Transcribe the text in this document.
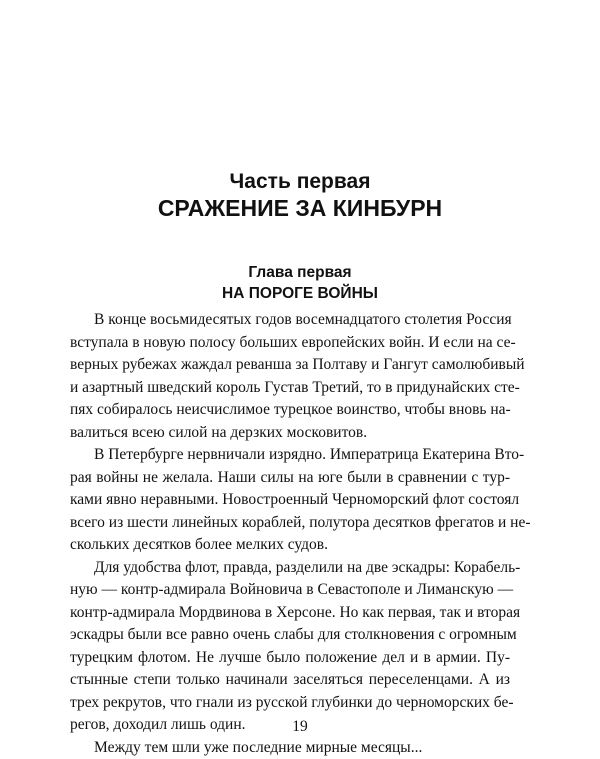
Часть первая
СРАЖЕНИЕ ЗА КИНБУРН
Глава первая
НА ПОРОГЕ ВОЙНЫ
В конце восьмидесятых годов восемнадцатого столетия Россия
вступала в новую полосу больших европейских войн. И если на се-
верных рубежах жаждал реванша за Полтаву и Гангут самолюбивый
и азартный шведский король Густав Третий, то в придунайских сте-
пях собиралось неисчислимое турецкое воинство, чтобы вновь на-
валиться всею силой на дерзких московитов.
В Петербурге нервничали изрядно. Императрица Екатерина Вто-
рая войны не желала. Наши силы на юге были в сравнении с тур-
ками явно неравными. Новостроенный Черноморский флот состоял
всего из шести линейных кораблей, полутора десятков фрегатов и не-
скольких десятков более мелких судов.
Для удобства флот, правда, разделили на две эскадры: Корабель-
ную — контр-адмирала Войновича в Севастополе и Лиманскую —
контр-адмирала Мордвинова в Херсоне. Но как первая, так и вторая
эскадры были все равно очень слабы для столкновения с огромным
турецким флотом. Не лучше было положение дел и в армии. Пу-
стынные степи только начинали заселяться переселенцами. А из
трех рекрутов, что гнали из русской глубинки до черноморских бе-
регов, доходил лишь один.
Между тем шли уже последние мирные месяцы...
19
